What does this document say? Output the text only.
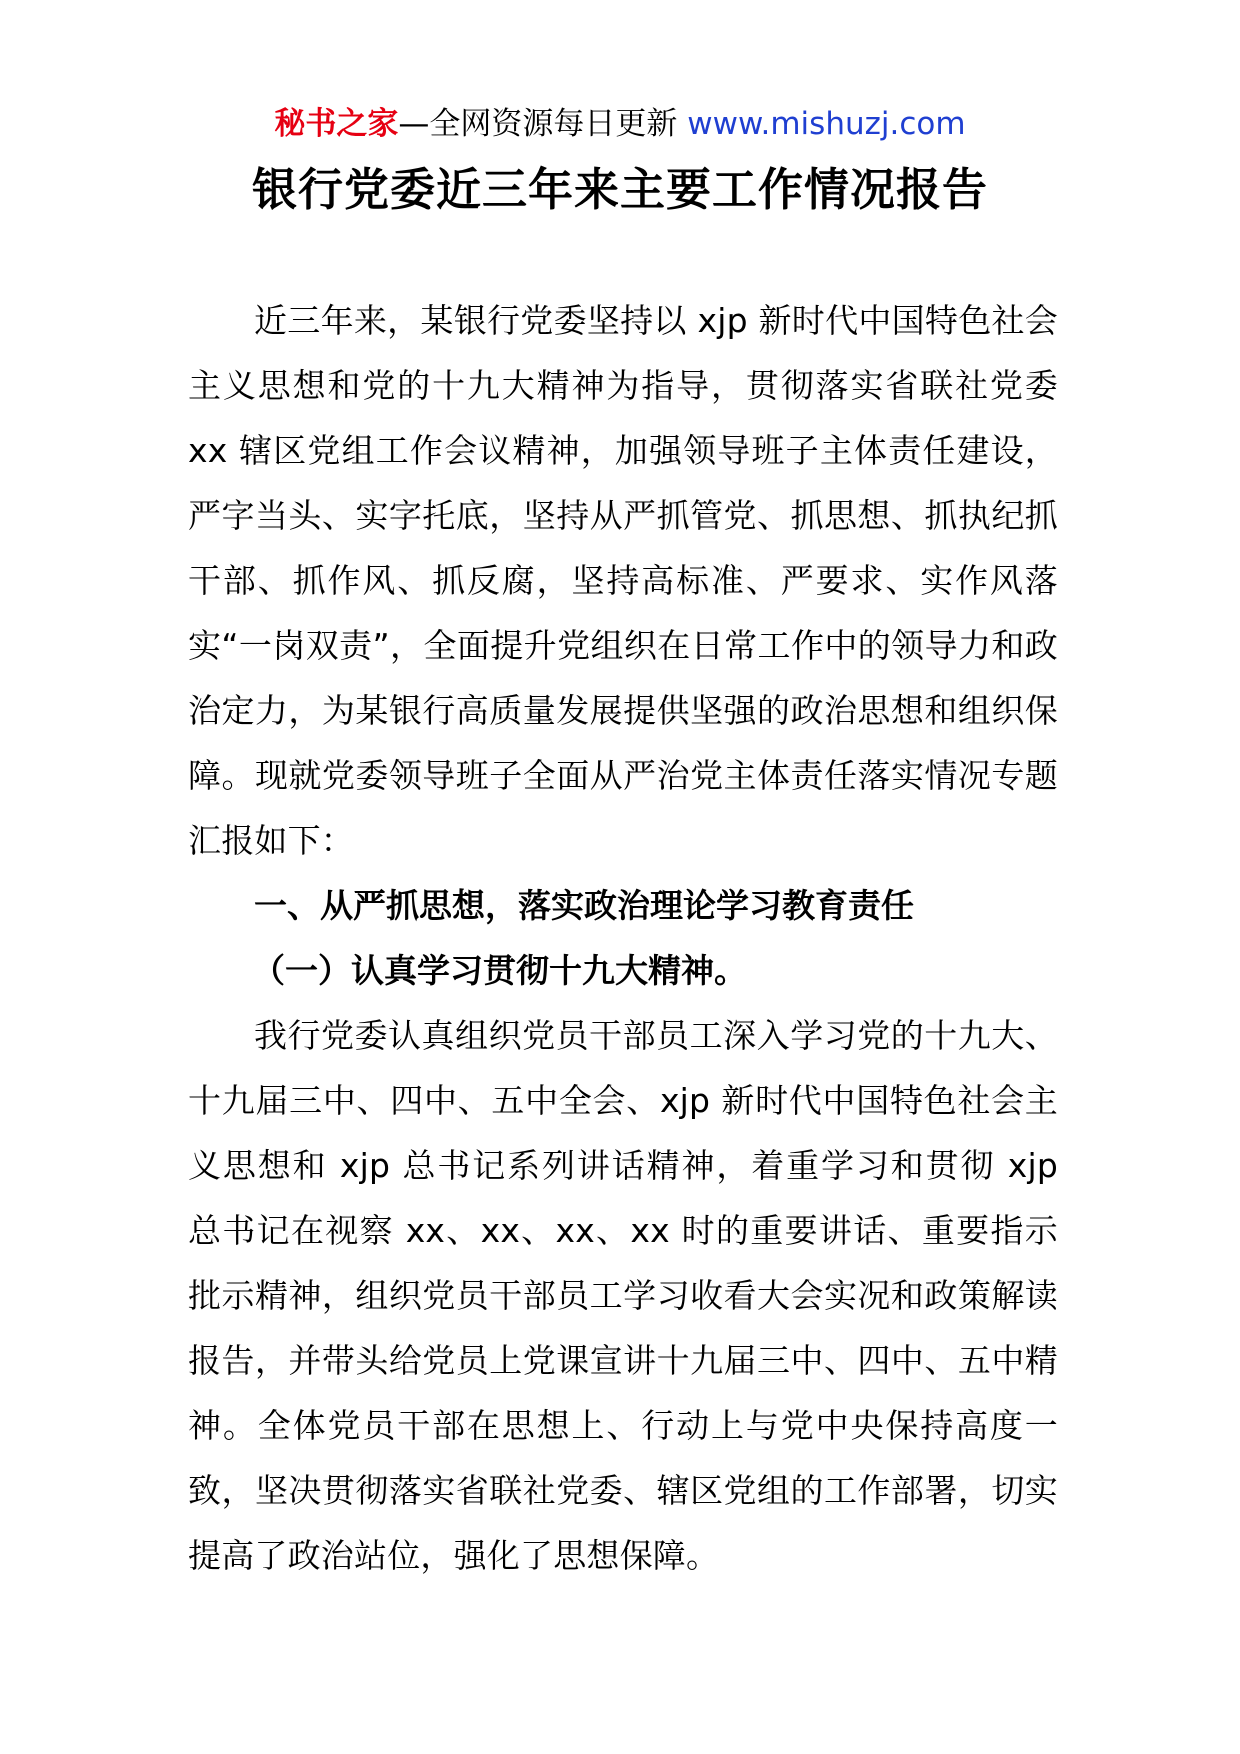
秘书之家—全网资源每日更新 www.mishuzj.com
银行党委近三年来主要工作情况报告

近三年来，某银行党委坚持以 xjp 新时代中国特色社会主义思想和党的十九大精神为指导，贯彻落实省联社党委 xx 辖区党组工作会议精神，加强领导班子主体责任建设，严字当头、实字托底，坚持从严抓管党、抓思想、抓执纪抓干部、抓作风、抓反腐，坚持高标准、严要求、实作风落实“一岗双责”，全面提升党组织在日常工作中的领导力和政治定力，为某银行高质量发展提供坚强的政治思想和组织保障。现就党委领导班子全面从严治党主体责任落实情况专题汇报如下：

一、从严抓思想，落实政治理论学习教育责任

（一）认真学习贯彻十九大精神。

我行党委认真组织党员干部员工深入学习党的十九大、十九届三中、四中、五中全会、xjp 新时代中国特色社会主义思想和 xjp 总书记系列讲话精神，着重学习和贯彻 xjp 总书记在视察 xx、xx、xx、xx 时的重要讲话、重要指示批示精神，组织党员干部员工学习收看大会实况和政策解读报告，并带头给党员上党课宣讲十九届三中、四中、五中精神。全体党员干部在思想上、行动上与党中央保持高度一致，坚决贯彻落实省联社党委、辖区党组的工作部署，切实提高了政治站位，强化了思想保障。
